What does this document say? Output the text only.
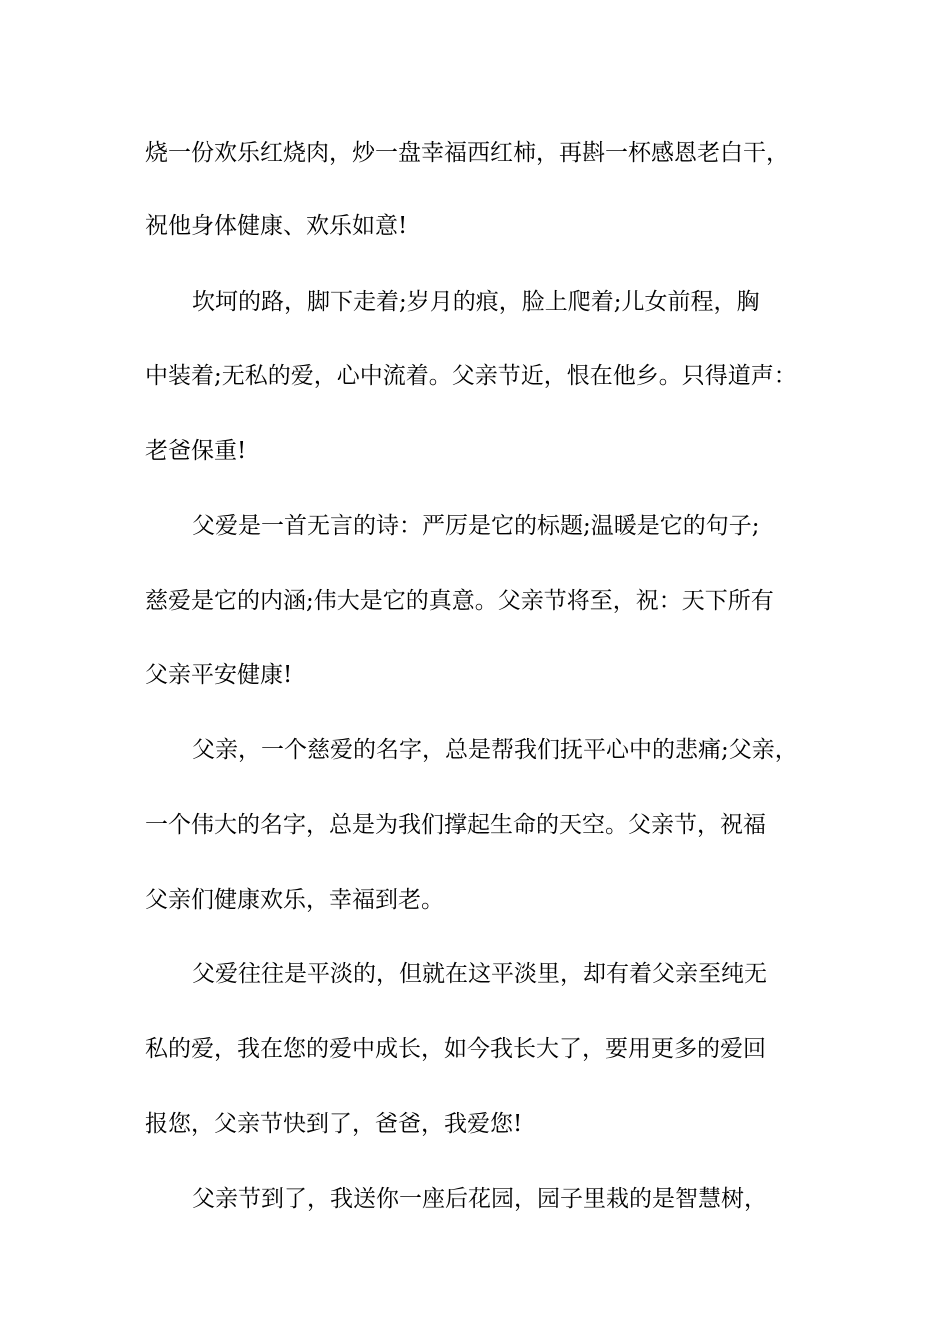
烧一份欢乐红烧肉，炒一盘幸福西红柿，再斟一杯感恩老白干，
祝他身体健康、欢乐如意!
坎坷的路，脚下走着;岁月的痕，脸上爬着;儿女前程，胸
中装着;无私的爱，心中流着。父亲节近，恨在他乡。只得道声：
老爸保重!
父爱是一首无言的诗：严厉是它的标题;温暖是它的句子;
慈爱是它的内涵;伟大是它的真意。父亲节将至，祝：天下所有
父亲平安健康!
父亲，一个慈爱的名字，总是帮我们抚平心中的悲痛;父亲，
一个伟大的名字，总是为我们撑起生命的天空。父亲节，祝福
父亲们健康欢乐，幸福到老。
父爱往往是平淡的，但就在这平淡里，却有着父亲至纯无
私的爱，我在您的爱中成长，如今我长大了，要用更多的爱回
报您，父亲节快到了，爸爸，我爱您!
父亲节到了，我送你一座后花园，园子里栽的是智慧树，
